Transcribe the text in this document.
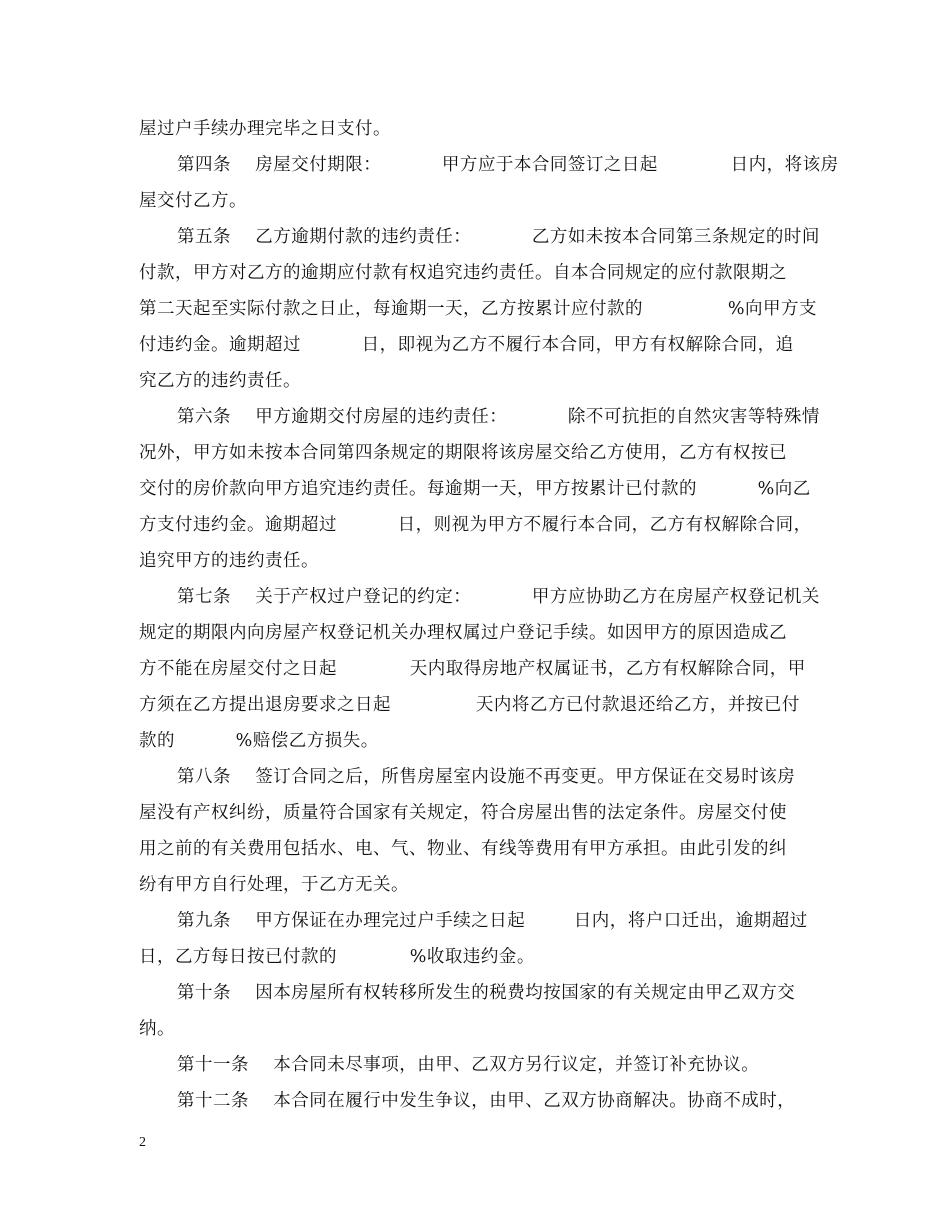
屋过户手续办理完毕之日支付。
第四条    房屋交付期限：          甲方应于本合同签订之日起            日内，将该房
屋交付乙方。
第五条    乙方逾期付款的违约责任：          乙方如未按本合同第三条规定的时间
付款，甲方对乙方的逾期应付款有权追究违约责任。自本合同规定的应付款限期之
第二天起至实际付款之日止，每逾期一天，乙方按累计应付款的              %向甲方支
付违约金。逾期超过          日，即视为乙方不履行本合同，甲方有权解除合同，追
究乙方的违约责任。
第六条    甲方逾期交付房屋的违约责任：          除不可抗拒的自然灾害等特殊情
况外，甲方如未按本合同第四条规定的期限将该房屋交给乙方使用，乙方有权按已
交付的房价款向甲方追究违约责任。每逾期一天，甲方按累计已付款的          %向乙
方支付违约金。逾期超过          日，则视为甲方不履行本合同，乙方有权解除合同，
追究甲方的违约责任。
第七条    关于产权过户登记的约定：          甲方应协助乙方在房屋产权登记机关
规定的期限内向房屋产权登记机关办理权属过户登记手续。如因甲方的原因造成乙
方不能在房屋交付之日起            天内取得房地产权属证书，乙方有权解除合同，甲
方须在乙方提出退房要求之日起              天内将乙方已付款退还给乙方，并按已付
款的          %赔偿乙方损失。
第八条    签订合同之后，所售房屋室内设施不再变更。甲方保证在交易时该房
屋没有产权纠纷，质量符合国家有关规定，符合房屋出售的法定条件。房屋交付使
用之前的有关费用包括水、电、气、物业、有线等费用有甲方承担。由此引发的纠
纷有甲方自行处理，于乙方无关。
第九条    甲方保证在办理完过户手续之日起        日内，将户口迁出，逾期超过
日，乙方每日按已付款的            %收取违约金。
第十条    因本房屋所有权转移所发生的税费均按国家的有关规定由甲乙双方交
纳。
第十一条    本合同未尽事项，由甲、乙双方另行议定，并签订补充协议。
第十二条    本合同在履行中发生争议，由甲、乙双方协商解决。协商不成时，
2
